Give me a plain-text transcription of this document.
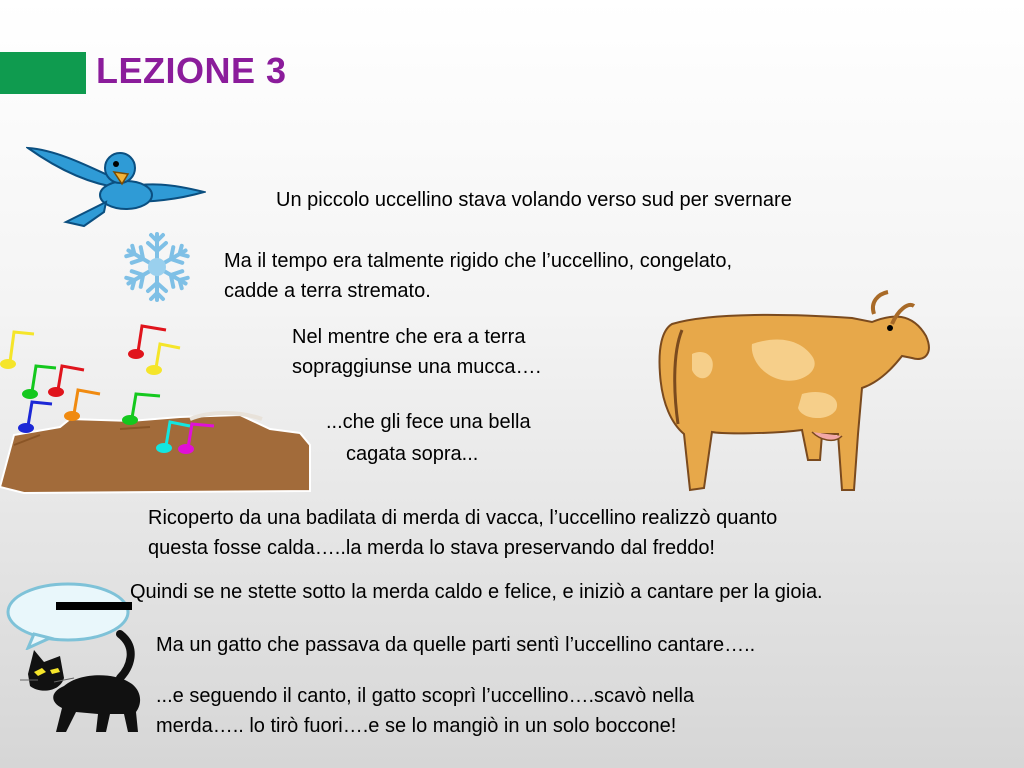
LEZIONE 3

Un piccolo uccellino stava volando verso sud per svernare

Ma il tempo era talmente rigido che l’uccellino, congelato,

cadde a terra stremato.

Nel mentre che era a terra

sopraggiunse una mucca….

...che gli fece una bella

cagata sopra...

Ricoperto da una badilata di merda di vacca, l’uccellino realizzò quanto

questa fosse calda…..la merda lo stava preservando dal freddo!

Quindi se ne stette sotto la merda caldo e felice, e iniziò a cantare per la gioia.

Ma un gatto che passava da quelle parti sentì l’uccellino cantare…..

...e seguendo il canto, il gatto scoprì l’uccellino….scavò nella

merda….. lo tirò fuori….e se lo mangiò in un solo boccone!
